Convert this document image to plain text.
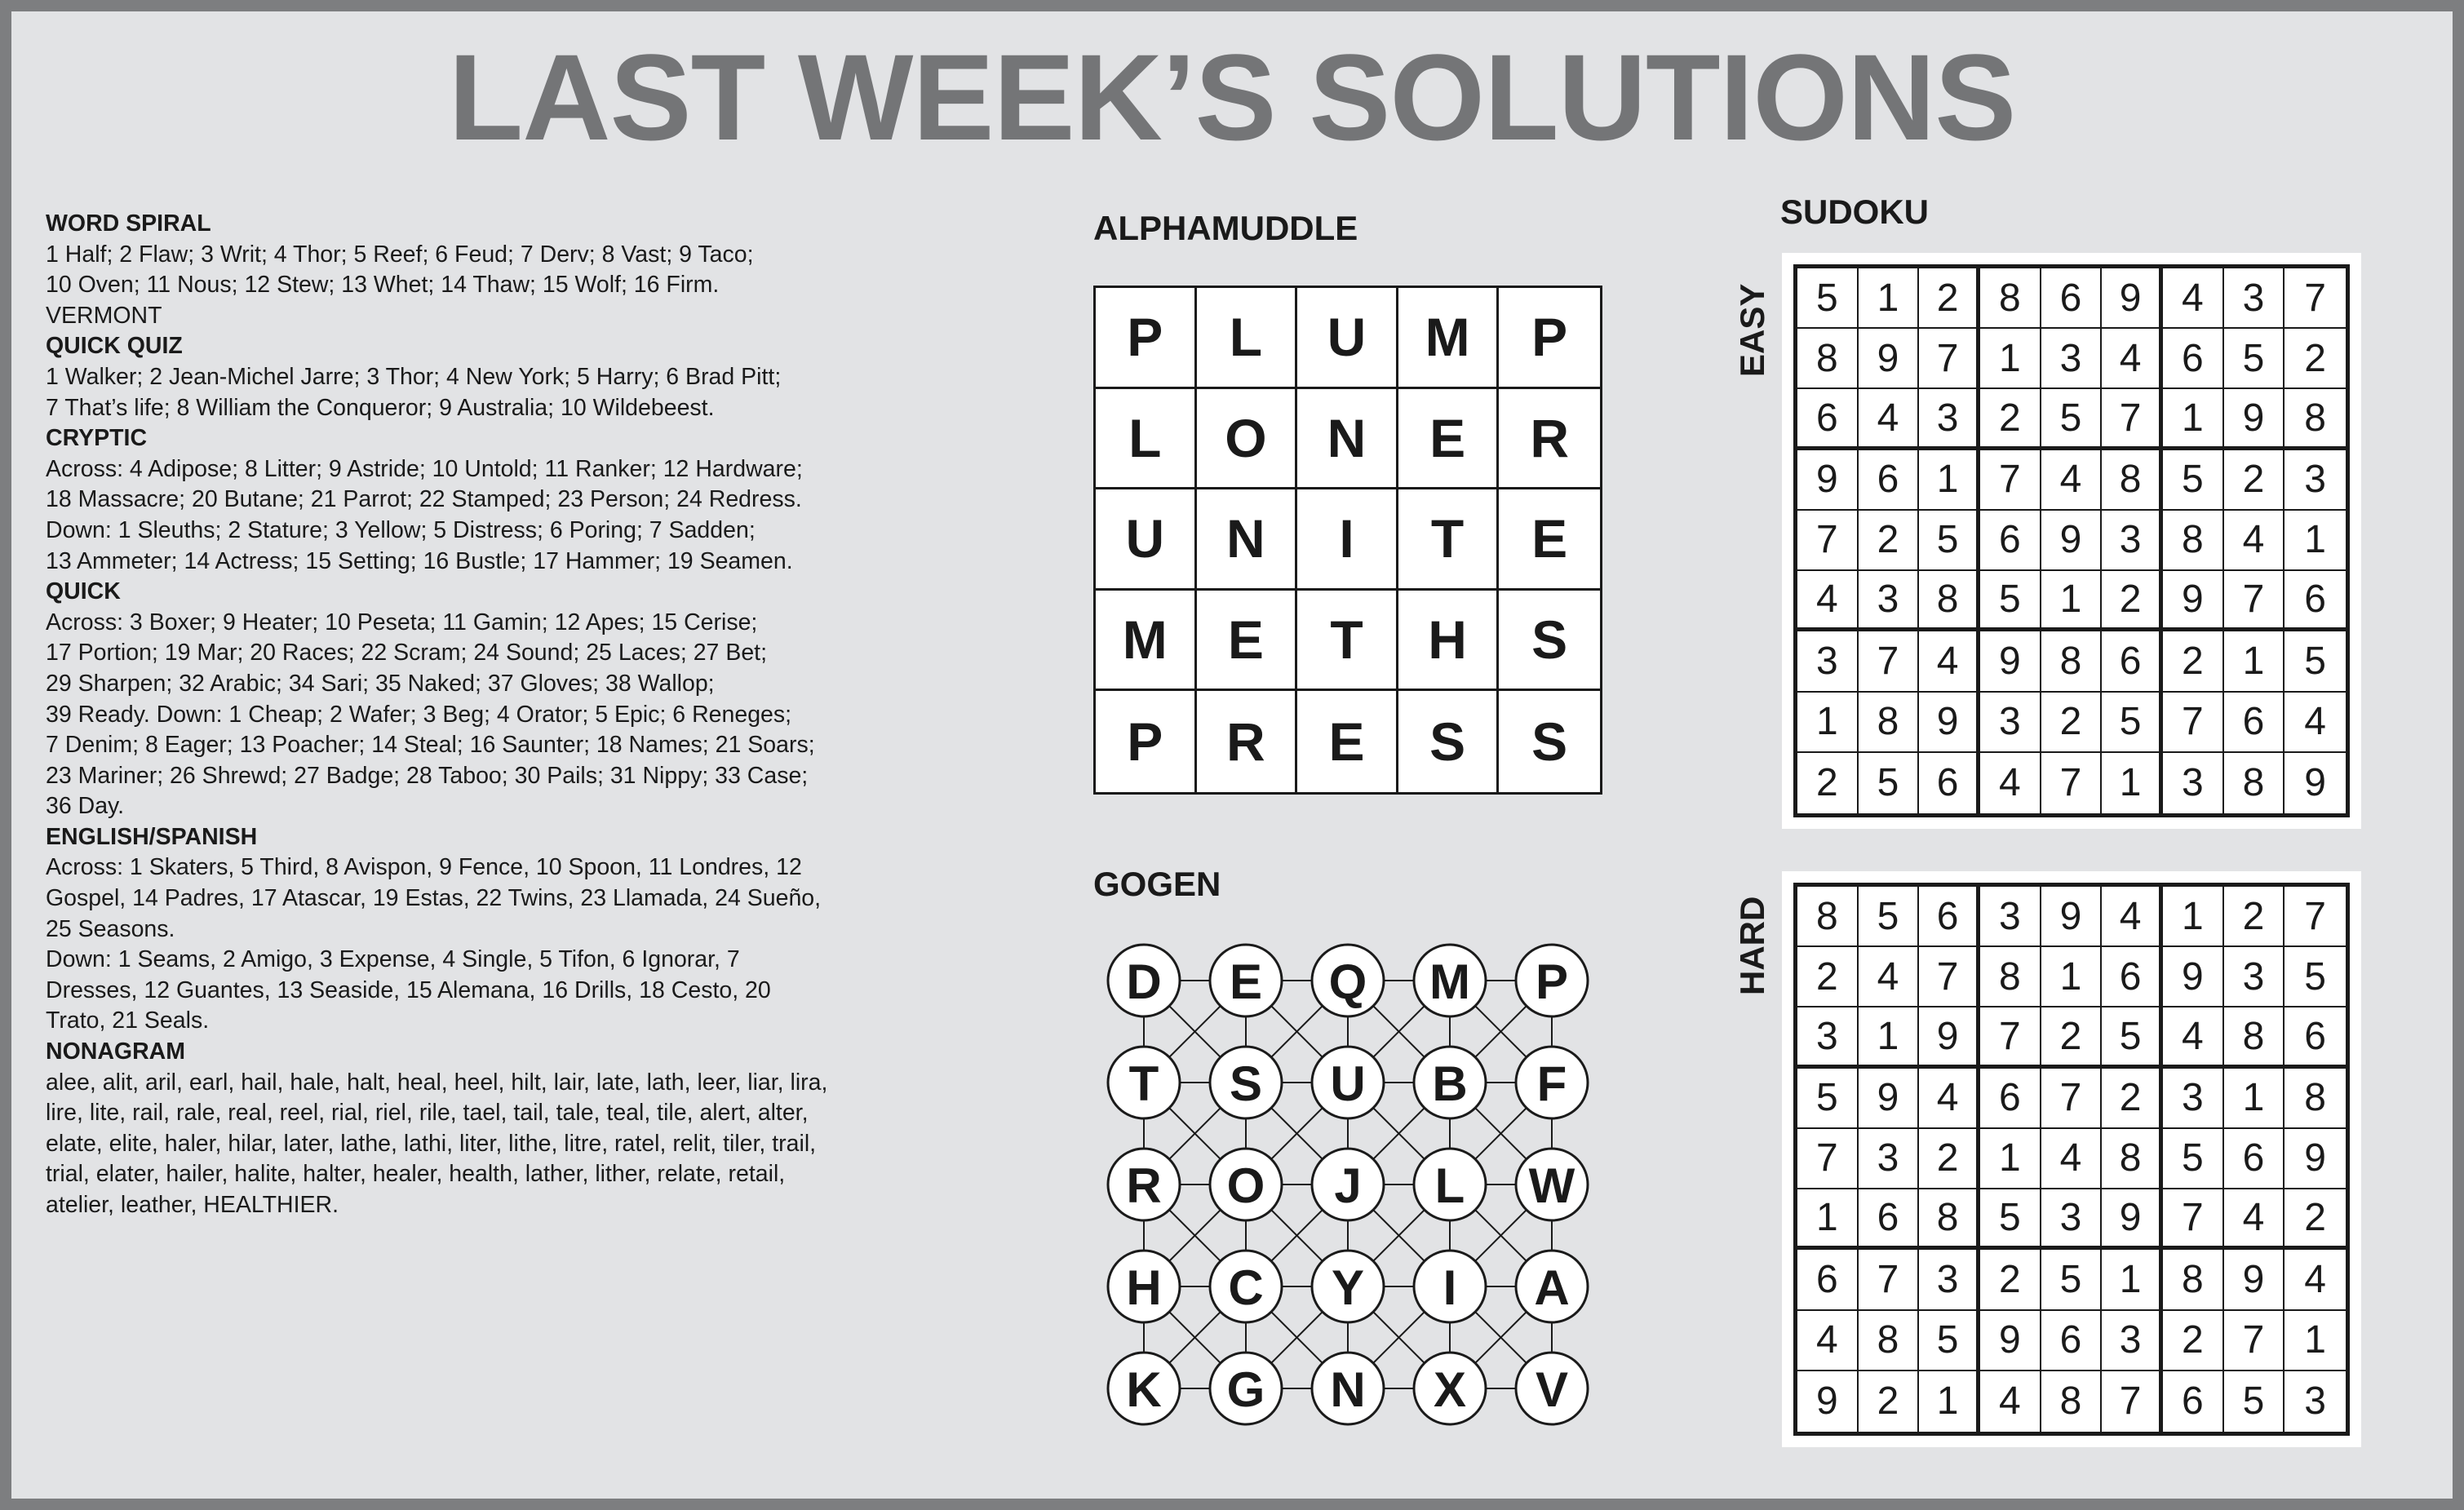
LAST WEEK’S SOLUTIONS
WORD SPIRAL
1 Half; 2 Flaw; 3 Writ; 4 Thor; 5 Reef; 6 Feud; 7 Derv; 8 Vast; 9 Taco;
10 Oven; 11 Nous; 12 Stew; 13 Whet; 14 Thaw; 15 Wolf; 16 Firm.
VERMONT
QUICK QUIZ
1 Walker; 2 Jean-Michel Jarre; 3 Thor; 4 New York; 5 Harry; 6 Brad Pitt;
7 That’s life; 8 William the Conqueror; 9 Australia; 10 Wildebeest.
CRYPTIC
Across: 4 Adipose; 8 Litter; 9 Astride; 10 Untold; 11 Ranker; 12 Hardware;
18 Massacre; 20 Butane; 21 Parrot; 22 Stamped; 23 Person; 24 Redress.
Down: 1 Sleuths; 2 Stature; 3 Yellow; 5 Distress; 6 Poring; 7 Sadden;
13 Ammeter; 14 Actress; 15 Setting; 16 Bustle; 17 Hammer; 19 Seamen.
QUICK
Across: 3 Boxer; 9 Heater; 10 Peseta; 11 Gamin; 12 Apes; 15 Cerise;
17 Portion; 19 Mar; 20 Races; 22 Scram; 24 Sound; 25 Laces; 27 Bet;
29 Sharpen; 32 Arabic; 34 Sari; 35 Naked; 37 Gloves; 38 Wallop;
39 Ready. Down: 1 Cheap; 2 Wafer; 3 Beg; 4 Orator; 5 Epic; 6 Reneges;
7 Denim; 8 Eager; 13 Poacher; 14 Steal; 16 Saunter; 18 Names; 21 Soars;
23 Mariner; 26 Shrewd; 27 Badge; 28 Taboo; 30 Pails; 31 Nippy; 33 Case;
36 Day.
ENGLISH/SPANISH
Across: 1 Skaters, 5 Third, 8 Avispon, 9 Fence, 10 Spoon, 11 Londres, 12
Gospel, 14 Padres, 17 Atascar, 19 Estas, 22 Twins, 23 Llamada, 24 Sueño,
25 Seasons.
Down: 1 Seams, 2 Amigo, 3 Expense, 4 Single, 5 Tifon, 6 Ignorar, 7
Dresses, 12 Guantes, 13 Seaside, 15 Alemana, 16 Drills, 18 Cesto, 20
Trato, 21 Seals.
NONAGRAM
alee, alit, aril, earl, hail, hale, halt, heal, heel, hilt, lair, late, lath, leer, liar, lira,
lire, lite, rail, rale, real, reel, rial, riel, rile, tael, tail, tale, teal, tile, alert, alter,
elate, elite, haler, hilar, later, lathe, lathi, liter, lithe, litre, ratel, relit, tiler, trail,
trial, elater, hailer, halite, halter, healer, health, lather, lither, relate, retail,
atelier, leather, HEALTHIER.
ALPHAMUDDLE
P	L	U	M	P
L	O	N	E	R
U	N	I	T	E
M	E	T	H	S
P	R	E	S	S
GOGEN
D E Q M P
T S U B F
R O J L W
H C Y I A
K G N X V
SUDOKU
EASY	5 1 2	8 6 9	4 3	7
8 9 7	1 3 4	6 5	2
6 4 3	2 5 7	1 9	8
9 6 1	7 4 8	5 2	3
7 2 5	6 9 3	8 4	1
4 3 8	5 1 2	9 7	6
3 7 4	9 8 6	2 1	5
1 8 9	3 2 5	7 6	4
2 5 6	4 7 1	3 8	9
HARD	8 5 6	3 9 4	1 2	7
2 4 7	8 1 6	9 3	5
3 1 9	7 2 5	4 8	6
5 9 4	6 7 2	3 1	8
7 3 2	1 4 8	5 6	9
1 6 8	5 3 9	7 4	2
6 7 3	2 5 1	8 9	4
4 8 5	9 6 3	2 7	1
9 2 1	4 8 7	6 5	3
